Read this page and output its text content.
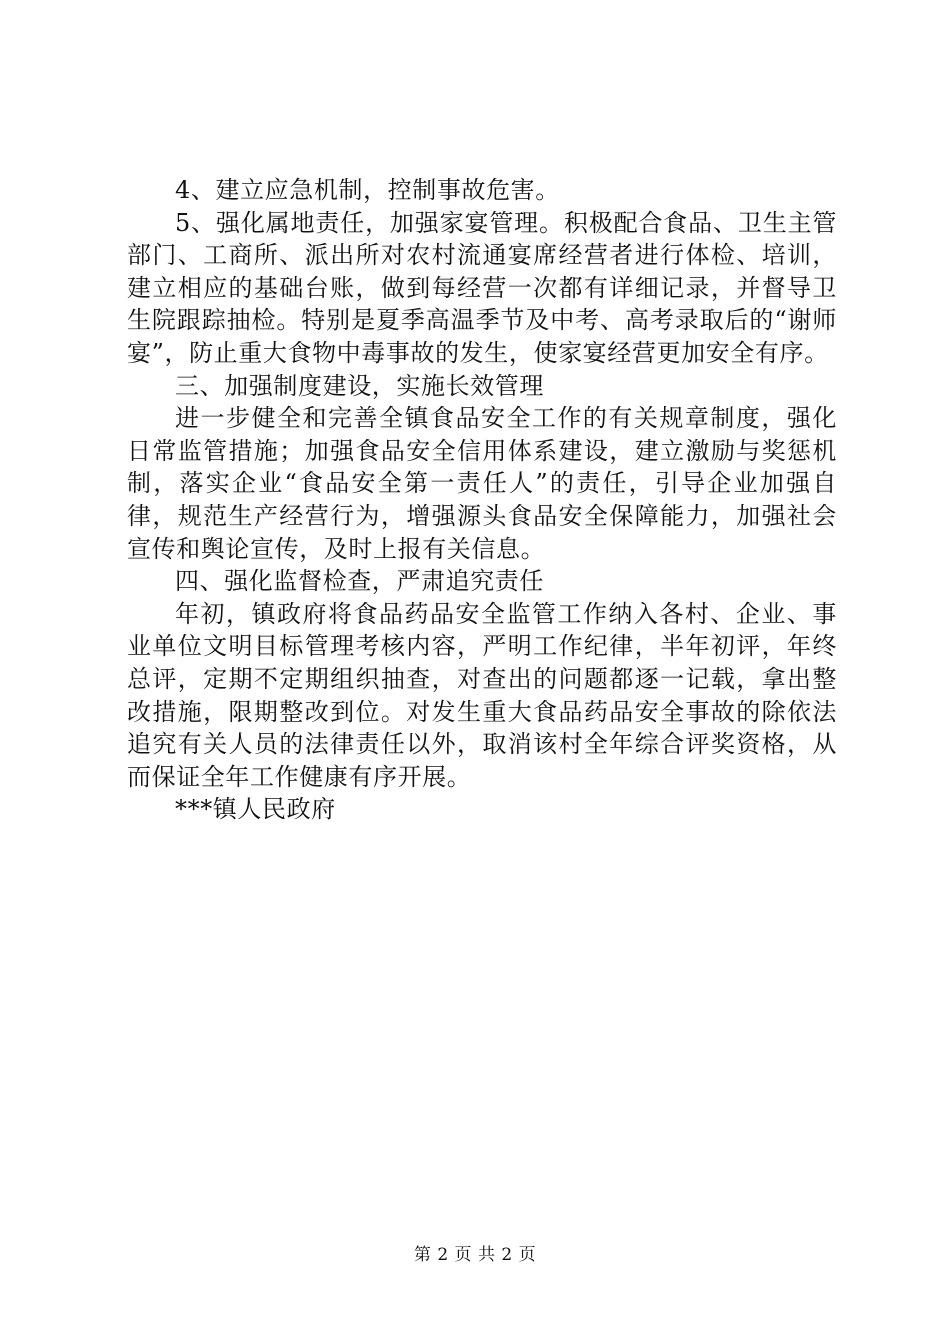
4、建立应急机制，控制事故危害。

5、强化属地责任，加强家宴管理。积极配合食品、卫生主管部门、工商所、派出所对农村流通宴席经营者进行体检、培训，建立相应的基础台账，做到每经营一次都有详细记录，并督导卫生院跟踪抽检。特别是夏季高温季节及中考、高考录取后的“谢师宴”，防止重大食物中毒事故的发生，使家宴经营更加安全有序。

三、加强制度建设，实施长效管理

进一步健全和完善全镇食品安全工作的有关规章制度，强化日常监管措施；加强食品安全信用体系建设，建立激励与奖惩机制，落实企业“食品安全第一责任人”的责任，引导企业加强自律，规范生产经营行为，增强源头食品安全保障能力，加强社会宣传和舆论宣传，及时上报有关信息。

四、强化监督检查，严肃追究责任

年初，镇政府将食品药品安全监管工作纳入各村、企业、事业单位文明目标管理考核内容，严明工作纪律，半年初评，年终总评，定期不定期组织抽查，对查出的问题都逐一记载，拿出整改措施，限期整改到位。对发生重大食品药品安全事故的除依法追究有关人员的法律责任以外，取消该村全年综合评奖资格，从而保证全年工作健康有序开展。

***镇人民政府

第 2 页 共 2 页
